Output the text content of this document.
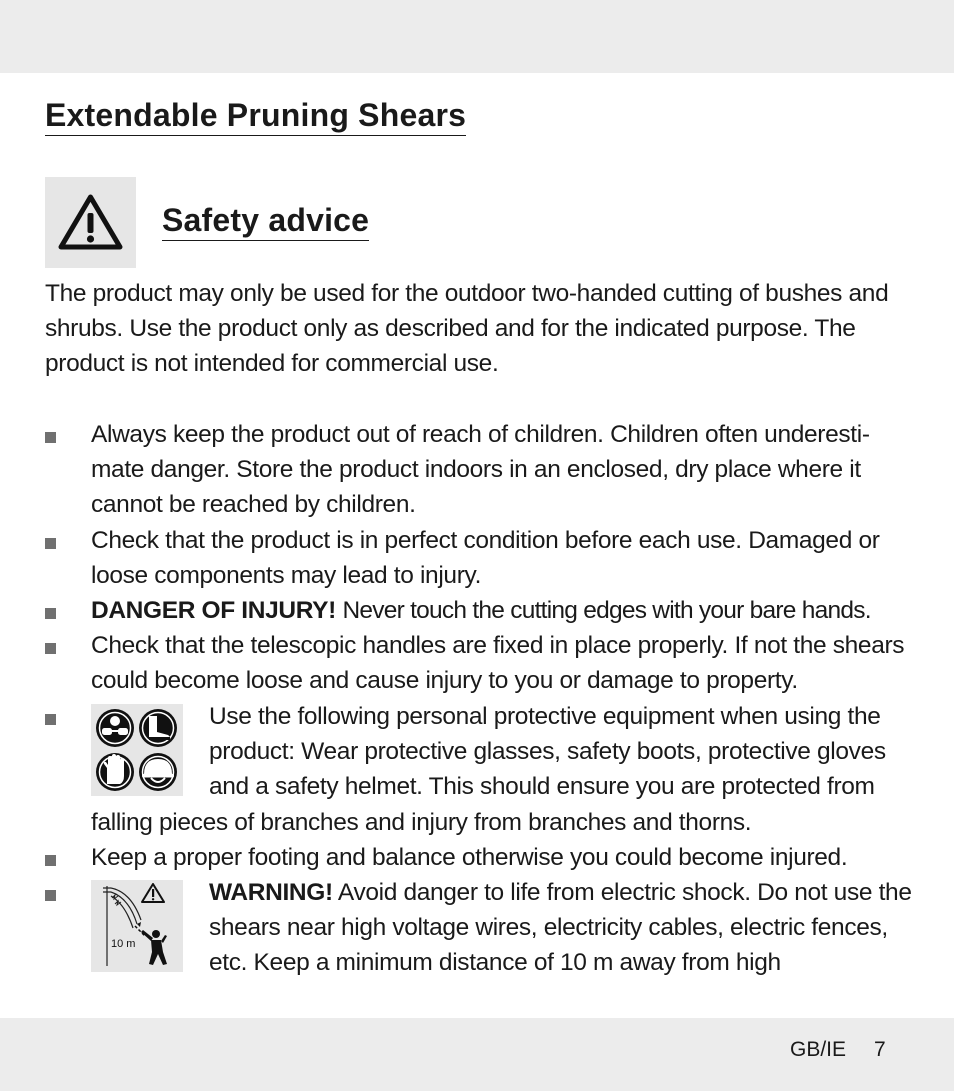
Extendable Pruning Shears
Safety advice

The product may only be used for the outdoor two-handed cutting of bushes and shrubs. Use the product only as described and for the indicated purpose. The product is not intended for commercial use.

Always keep the product out of reach of children. Children often underesti-mate danger. Store the product indoors in an enclosed, dry place where it cannot be reached by children.

Check that the product is in perfect condition before each use. Damaged or loose components may lead to injury.

DANGER OF INJURY! Never touch the cutting edges with your bare hands.

Check that the telescopic handles are fixed in place properly. If not the shears could become loose and cause injury to you or damage to property.

Use the following personal protective equipment when using the product: Wear protective glasses, safety boots, protective gloves and a safety helmet. This should ensure you are protected from

falling pieces of branches and injury from branches and thorns.

Keep a proper footing and balance otherwise you could become injured.

10 m

WARNING! Avoid danger to life from electric shock. Do not use the shears near high voltage wires, electricity cables, electric fences, etc. Keep a minimum distance of 10 m away from high

GB/IE 7
